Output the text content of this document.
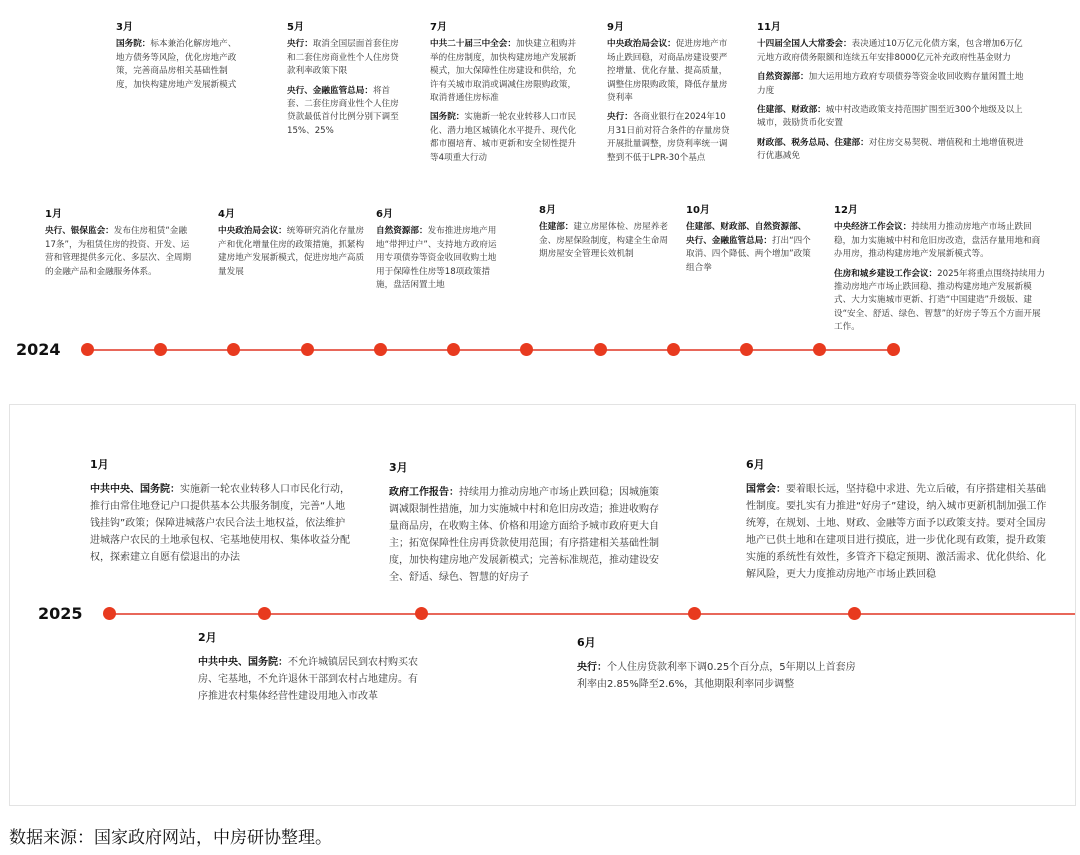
3月

国务院：标本兼治化解房地产、地方债务等风险，优化房地产政策，完善商品房相关基础性制度，加快构建房地产发展新模式

5月

央行：取消全国层面首套住房和二套住房商业性个人住房贷款利率政策下限

央行、金融监管总局：将首套、二套住房商业性个人住房贷款最低首付比例分别下调至15%、25%

7月

中共二十届三中全会：加快建立租购并举的住房制度，加快构建房地产发展新模式，加大保障性住房建设和供给，允许有关城市取消或调减住房限购政策，取消普通住房标准

国务院：实施新一轮农业转移人口市民化、潜力地区城镇化水平提升、现代化都市圈培育、城市更新和安全韧性提升等4项重大行动

9月

中央政治局会议：促进房地产市场止跌回稳，对商品房建设要严控增量、优化存量、提高质量，调整住房限购政策，降低存量房贷利率

央行：各商业银行在2024年10月31日前对符合条件的存量房贷开展批量调整，房贷利率统一调整到不低于LPR-30个基点

11月

十四届全国人大常委会：表决通过10万亿元化债方案，包含增加6万亿元地方政府债务限额和连续五年安排8000亿元补充政府性基金财力

自然资源部：加大运用地方政府专项债券等资金收回收购存量闲置土地力度

住建部、财政部：城中村改造政策支持范围扩围至近300个地级及以上城市，鼓励货币化安置

财政部、税务总局、住建部：对住房交易契税、增值税和土地增值税进行优惠减免

1月

央行、银保监会：发布住房租赁“金融17条”，为租赁住房的投资、开发、运营和管理提供多元化、多层次、全周期的金融产品和金融服务体系。

4月

中央政治局会议：统筹研究消化存量房产和优化增量住房的政策措施，抓紧构建房地产发展新模式，促进房地产高质量发展

6月

自然资源部：发布推进房地产用地“带押过户”、支持地方政府运用专项债券等资金收回收购土地用于保障性住房等18项政策措施，盘活闲置土地

8月

住建部：建立房屋体检、房屋养老金、房屋保险制度，构建全生命周期房屋安全管理长效机制

10月

住建部、财政部、自然资源部、央行、金融监管总局：打出“四个取消、四个降低、两个增加”政策组合拳

12月

中央经济工作会议：持续用力推动房地产市场止跌回稳，加力实施城中村和危旧房改造，盘活存量用地和商办用房，推动构建房地产发展新模式等。

住房和城乡建设工作会议：2025年将重点围绕持续用力推动房地产市场止跌回稳、推动构建房地产发展新模式、大力实施城市更新、打造“中国建造”升级版、建设“安全、舒适、绿色、智慧”的好房子等五个方面开展工作。

2024
1月
中共中央、国务院：实施新一轮农业转移人口市民化行动，推行由常住地登记户口提供基本公共服务制度，完善“人地钱挂钩”政策；保障进城落户农民合法土地权益，依法维护进城落户农民的土地承包权、宅基地使用权、集体收益分配权，探索建立自愿有偿退出的办法
3月
政府工作报告：持续用力推动房地产市场止跌回稳；因城施策调减限制性措施，加力实施城中村和危旧房改造；推进收购存量商品房，在收购主体、价格和用途方面给予城市政府更大自主；拓宽保障性住房再贷款使用范围；有序搭建相关基础性制度，加快构建房地产发展新模式；完善标准规范，推动建设安全、舒适、绿色、智慧的好房子
6月
国常会：要着眼长远，坚持稳中求进、先立后破，有序搭建相关基础性制度。要扎实有力推进“好房子”建设，纳入城市更新机制加强工作统筹，在规划、土地、财政、金融等方面予以政策支持。要对全国房地产已供土地和在建项目进行摸底，进一步优化现有政策，提升政策实施的系统性有效性，多管齐下稳定预期、激活需求、优化供给、化解风险，更大力度推动房地产市场止跌回稳
2025
2月
中共中央、国务院：不允许城镇居民到农村购买农房、宅基地，不允许退休干部到农村占地建房。有序推进农村集体经营性建设用地入市改革
6月
央行：个人住房贷款利率下调0.25个百分点，5年期以上首套房利率由2.85%降至2.6%，其他期限利率同步调整
数据来源：国家政府网站，中房研协整理。
